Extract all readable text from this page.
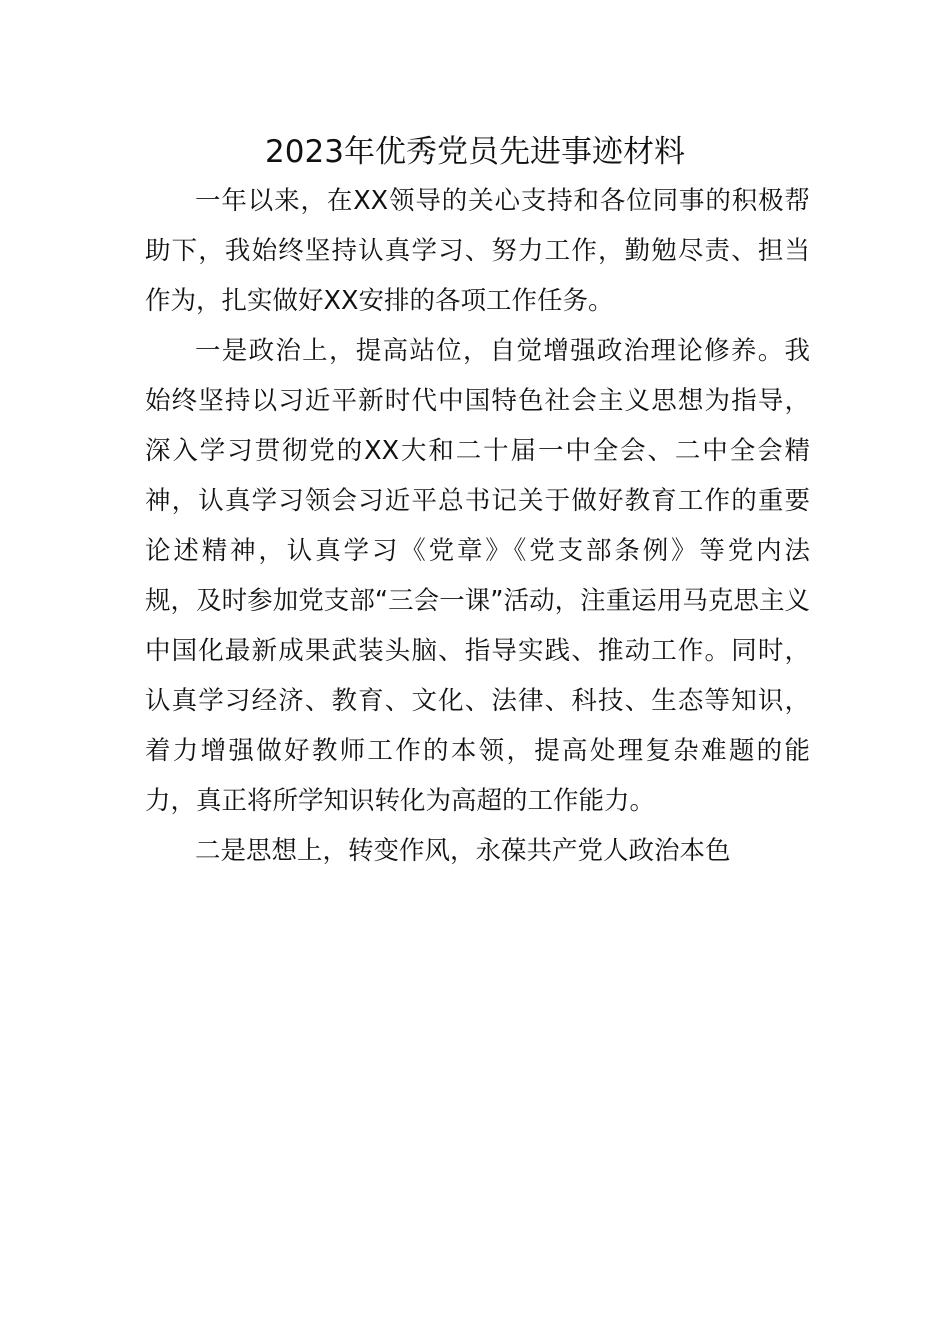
2023年优秀党员先进事迹材料
一年以来，在XX领导的关心支持和各位同事的积极帮
助下，我始终坚持认真学习、努力工作，勤勉尽责、担当
作为，扎实做好XX安排的各项工作任务。
一是政治上，提高站位，自觉增强政治理论修养。我
始终坚持以习近平新时代中国特色社会主义思想为指导，
深入学习贯彻党的XX大和二十届一中全会、二中全会精
神，认真学习领会习近平总书记关于做好教育工作的重要
论述精神，认真学习《党章》《党支部条例》等党内法
规，及时参加党支部“三会一课”活动，注重运用马克思主义
中国化最新成果武装头脑、指导实践、推动工作。同时，
认真学习经济、教育、文化、法律、科技、生态等知识，
着力增强做好教师工作的本领，提高处理复杂难题的能
力，真正将所学知识转化为高超的工作能力。
二是思想上，转变作风，永葆共产党人政治本色
